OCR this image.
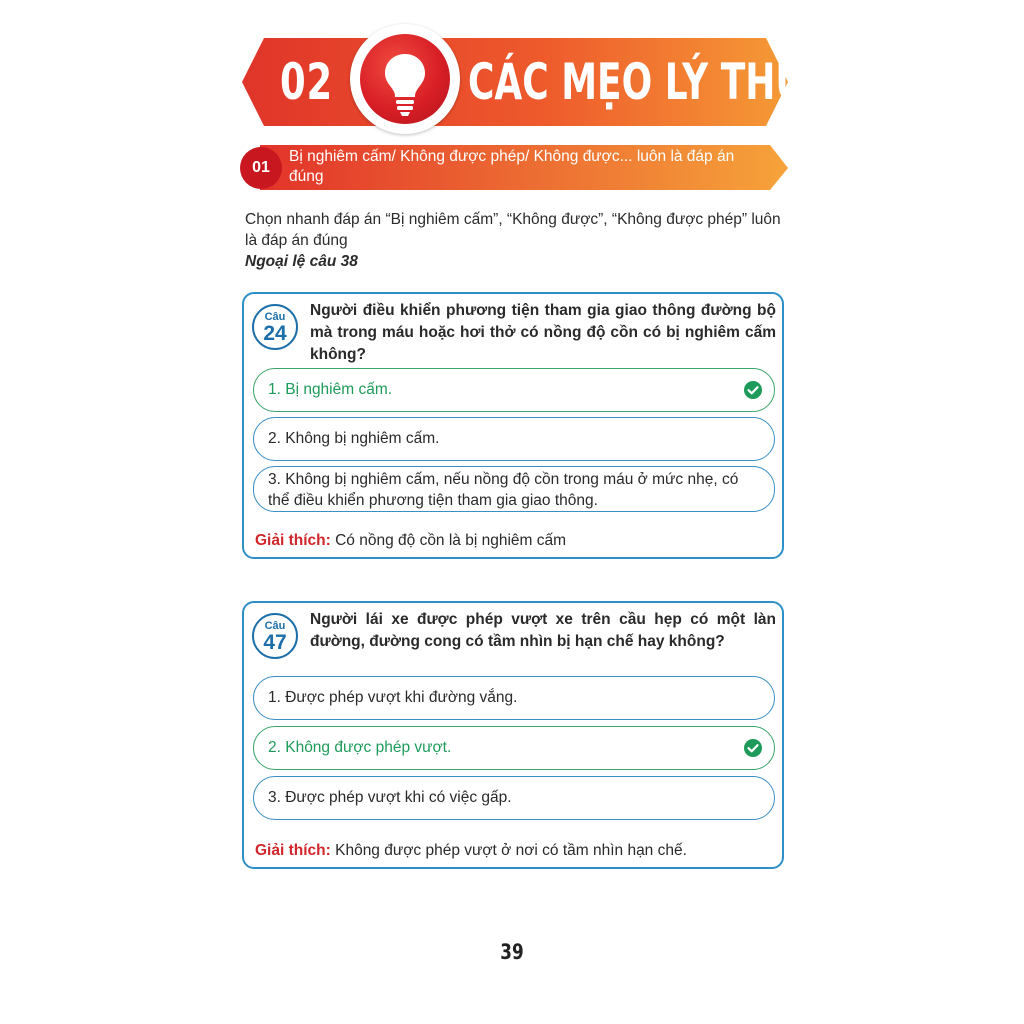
02	CÁC MẸO LÝ THUYẾT
01
Bị nghiêm cấm/ Không được phép/ Không được... luôn là đáp án đúng
Chọn nhanh đáp án “Bị nghiêm cấm”, “Không được”, “Không được phép” luôn là đáp án đúng
Ngoại lệ câu 38
Câu
24
Người điều khiển phương tiện tham gia giao thông đường bộ mà trong máu hoặc hơi thở có nồng độ cồn có bị nghiêm cấm không?
1. Bị nghiêm cấm.
2. Không bị nghiêm cấm.
3. Không bị nghiêm cấm, nếu nồng độ cồn trong máu ở mức nhẹ, có thể điều khiển phương tiện tham gia giao thông.
Giải thích: Có nồng độ cồn là bị nghiêm cấm
Câu
47
Người lái xe được phép vượt xe trên cầu hẹp có một làn đường, đường cong có tầm nhìn bị hạn chế hay không?
1. Được phép vượt khi đường vắng.
2. Không được phép vượt.
3. Được phép vượt khi có việc gấp.
Giải thích: Không được phép vượt ở nơi có tầm nhìn hạn chế.
39
